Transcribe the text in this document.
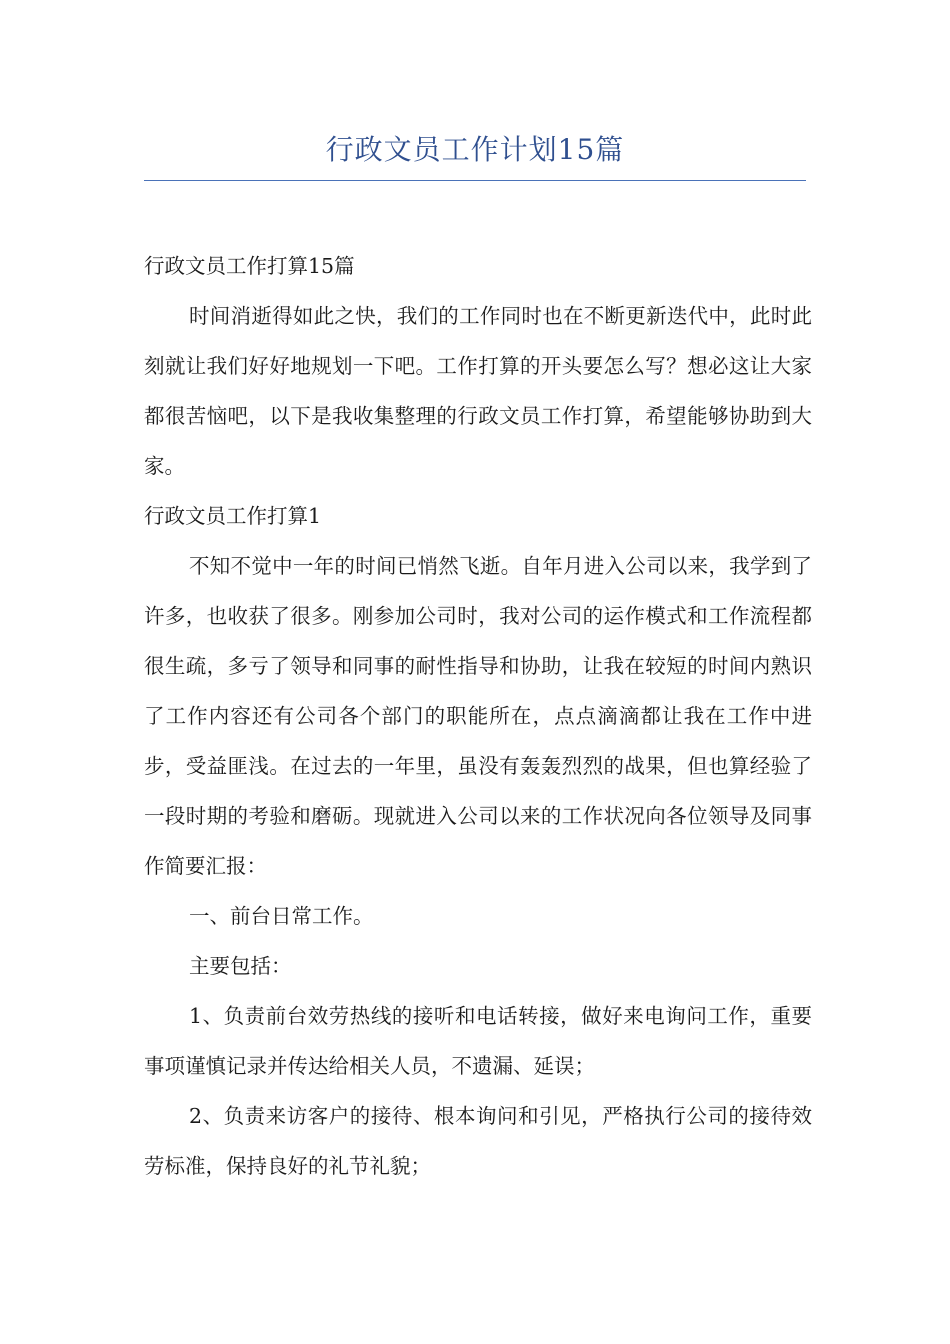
行政文员工作计划15篇

行政文员工作打算15篇

时间消逝得如此之快，我们的工作同时也在不断更新迭代中，此时此刻就让我们好好地规划一下吧。工作打算的开头要怎么写？想必这让大家都很苦恼吧，以下是我收集整理的行政文员工作打算，希望能够协助到大家。

行政文员工作打算1

不知不觉中一年的时间已悄然飞逝。自年月进入公司以来，我学到了许多，也收获了很多。刚参加公司时，我对公司的运作模式和工作流程都很生疏，多亏了领导和同事的耐性指导和协助，让我在较短的时间内熟识了工作内容还有公司各个部门的职能所在，点点滴滴都让我在工作中进步，受益匪浅。在过去的一年里，虽没有轰轰烈烈的战果，但也算经验了一段时期的考验和磨砺。现就进入公司以来的工作状况向各位领导及同事作简要汇报：

一、前台日常工作。

主要包括：

1、负责前台效劳热线的接听和电话转接，做好来电询问工作，重要事项谨慎记录并传达给相关人员，不遗漏、延误；

2、负责来访客户的接待、根本询问和引见，严格执行公司的接待效劳标准，保持良好的礼节礼貌；
